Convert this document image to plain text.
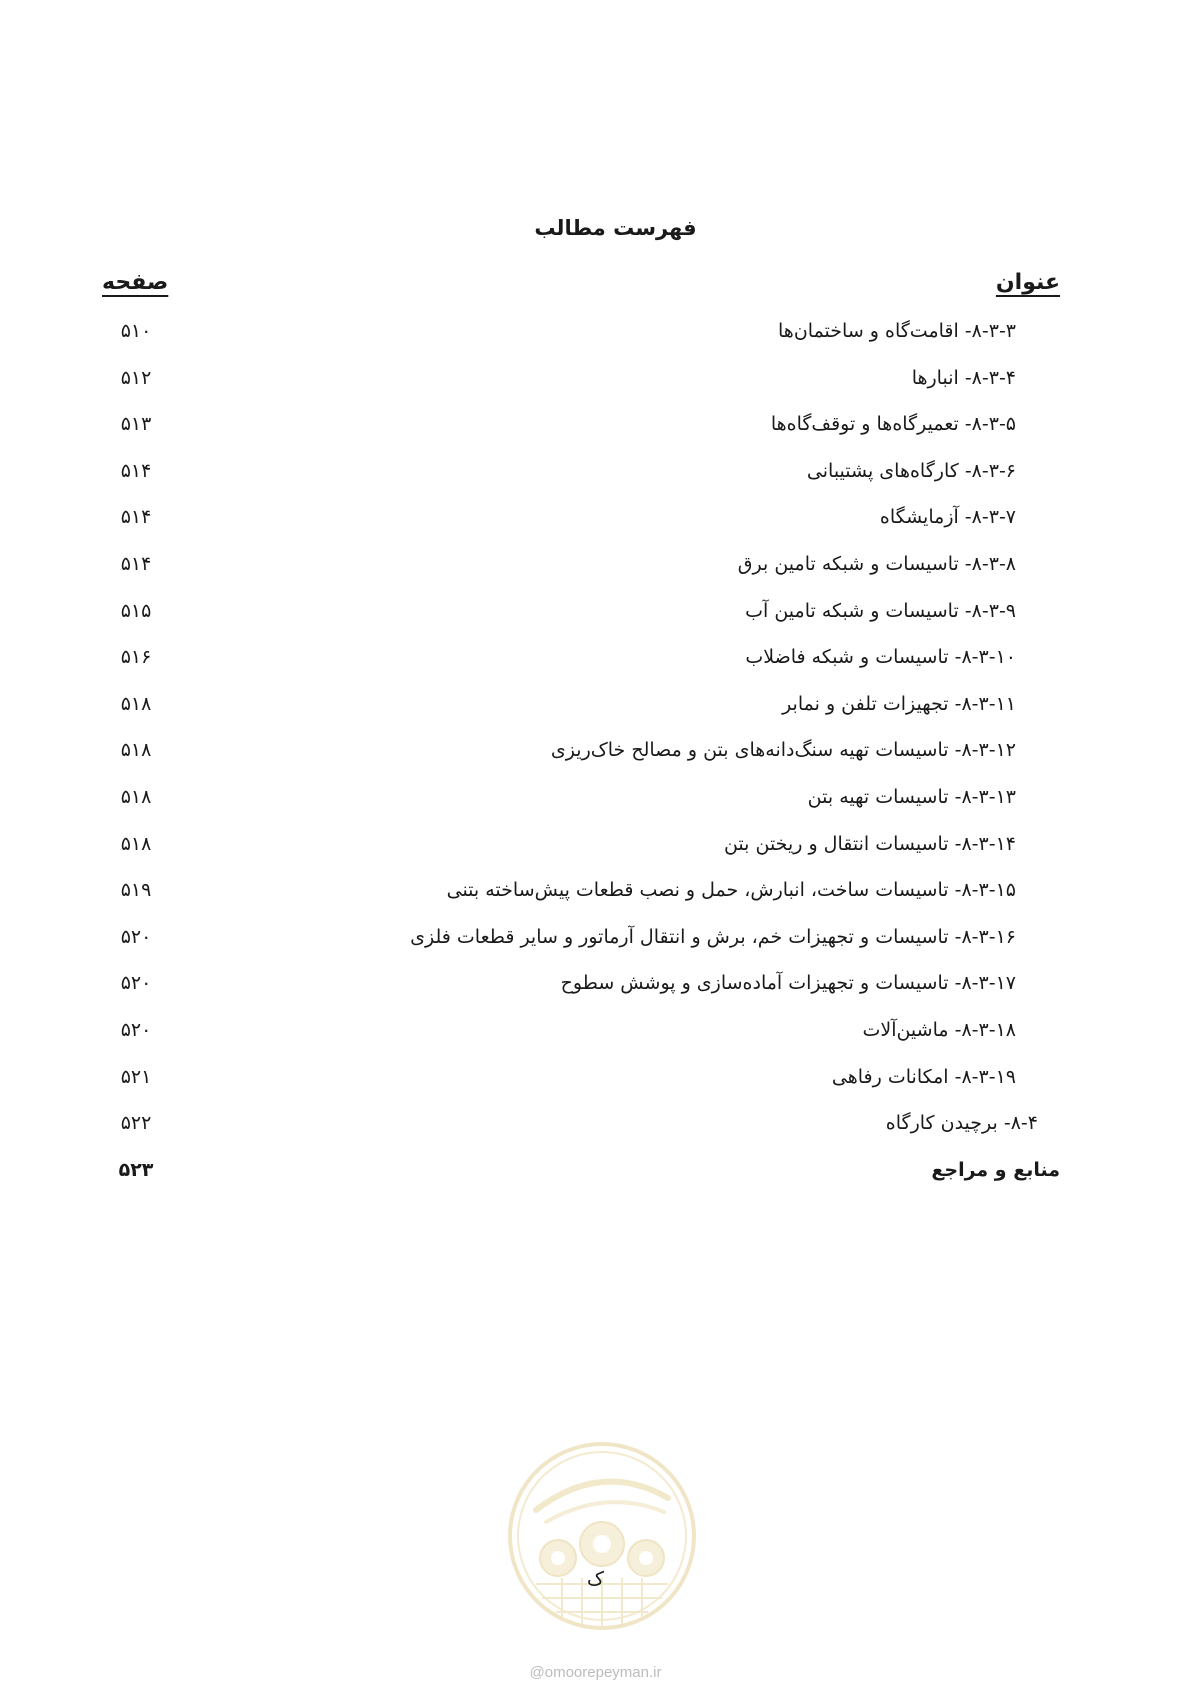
فهرست مطالب
عنوان
صفحه
۸-۳-۳- اقامت‌گاه و ساختمان‌ها
۵۱۰
۸-۳-۴- انبارها
۵۱۲
۸-۳-۵- تعمیرگاه‌ها و توقف‌گاه‌ها
۵۱۳
۸-۳-۶- کارگاه‌های پشتیبانی
۵۱۴
۸-۳-۷- آزمایشگاه
۵۱۴
۸-۳-۸- تاسیسات و شبکه تامین برق
۵۱۴
۸-۳-۹- تاسیسات و شبکه تامین آب
۵۱۵
۸-۳-۱۰- تاسیسات و شبکه فاضلاب
۵۱۶
۸-۳-۱۱- تجهیزات تلفن و نمابر
۵۱۸
۸-۳-۱۲- تاسیسات تهیه سنگ‌دانه‌های بتن و مصالح خاک‌ریزی
۵۱۸
۸-۳-۱۳- تاسیسات تهیه بتن
۵۱۸
۸-۳-۱۴- تاسیسات انتقال و ریختن بتن
۵۱۸
۸-۳-۱۵- تاسیسات ساخت، انبارش، حمل و نصب قطعات پیش‌ساخته بتنی
۵۱۹
۸-۳-۱۶- تاسیسات و تجهیزات خم، برش و انتقال آرماتور و سایر قطعات فلزی
۵۲۰
۸-۳-۱۷- تاسیسات و تجهیزات آماده‌سازی و پوشش سطوح
۵۲۰
۸-۳-۱۸- ماشین‌آلات
۵۲۰
۸-۳-۱۹- امکانات رفاهی
۵۲۱
۸-۴- برچیدن کارگاه
۵۲۲
منابع و مراجع
۵۲۳
ک
@omoorepeyman.ir
